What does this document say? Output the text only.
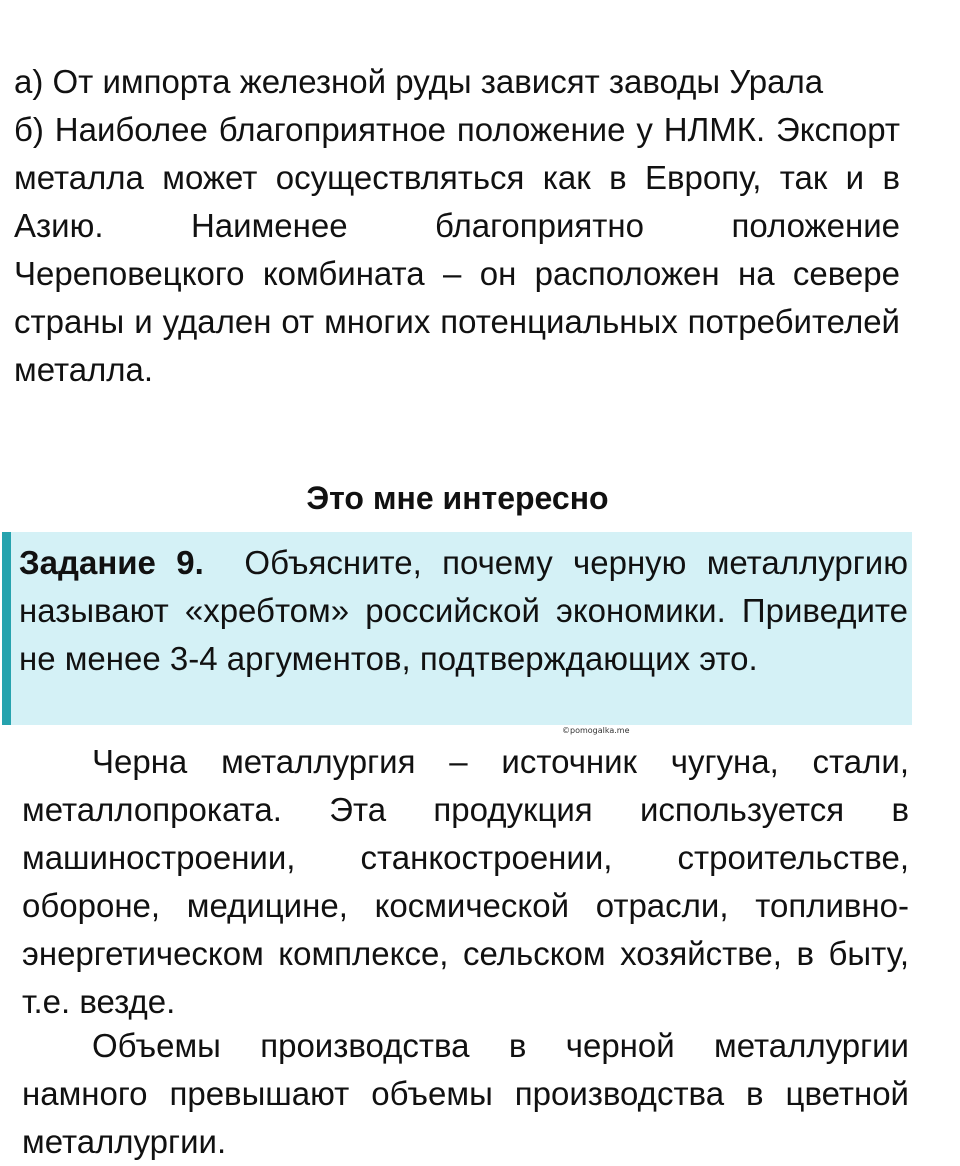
а) От импорта железной руды зависят заводы Урала
б) Наиболее благоприятное положение у НЛМК. Экспорт металла может осуществляться как в Европу, так и в Азию. Наименее благоприятно положение Череповецкого комбината – он расположен на севере страны и удален от многих потенциальных потребителей металла.
Это мне интересно

Задание 9. Объясните, почему черную металлургию называют «хребтом» российской экономики. Приведите не менее 3-4 аргументов, подтверждающих это.

©pomogalka.me

Черна металлургия – источник чугуна, стали, металлопроката. Эта продукция используется в машиностроении, станкостроении, строительстве, обороне, медицине, космической отрасли, топливно-энергетическом комплексе, сельском хозяйстве, в быту, т.е. везде.

Объемы производства в черной металлургии намного превышают объемы производства в цветной металлургии.
